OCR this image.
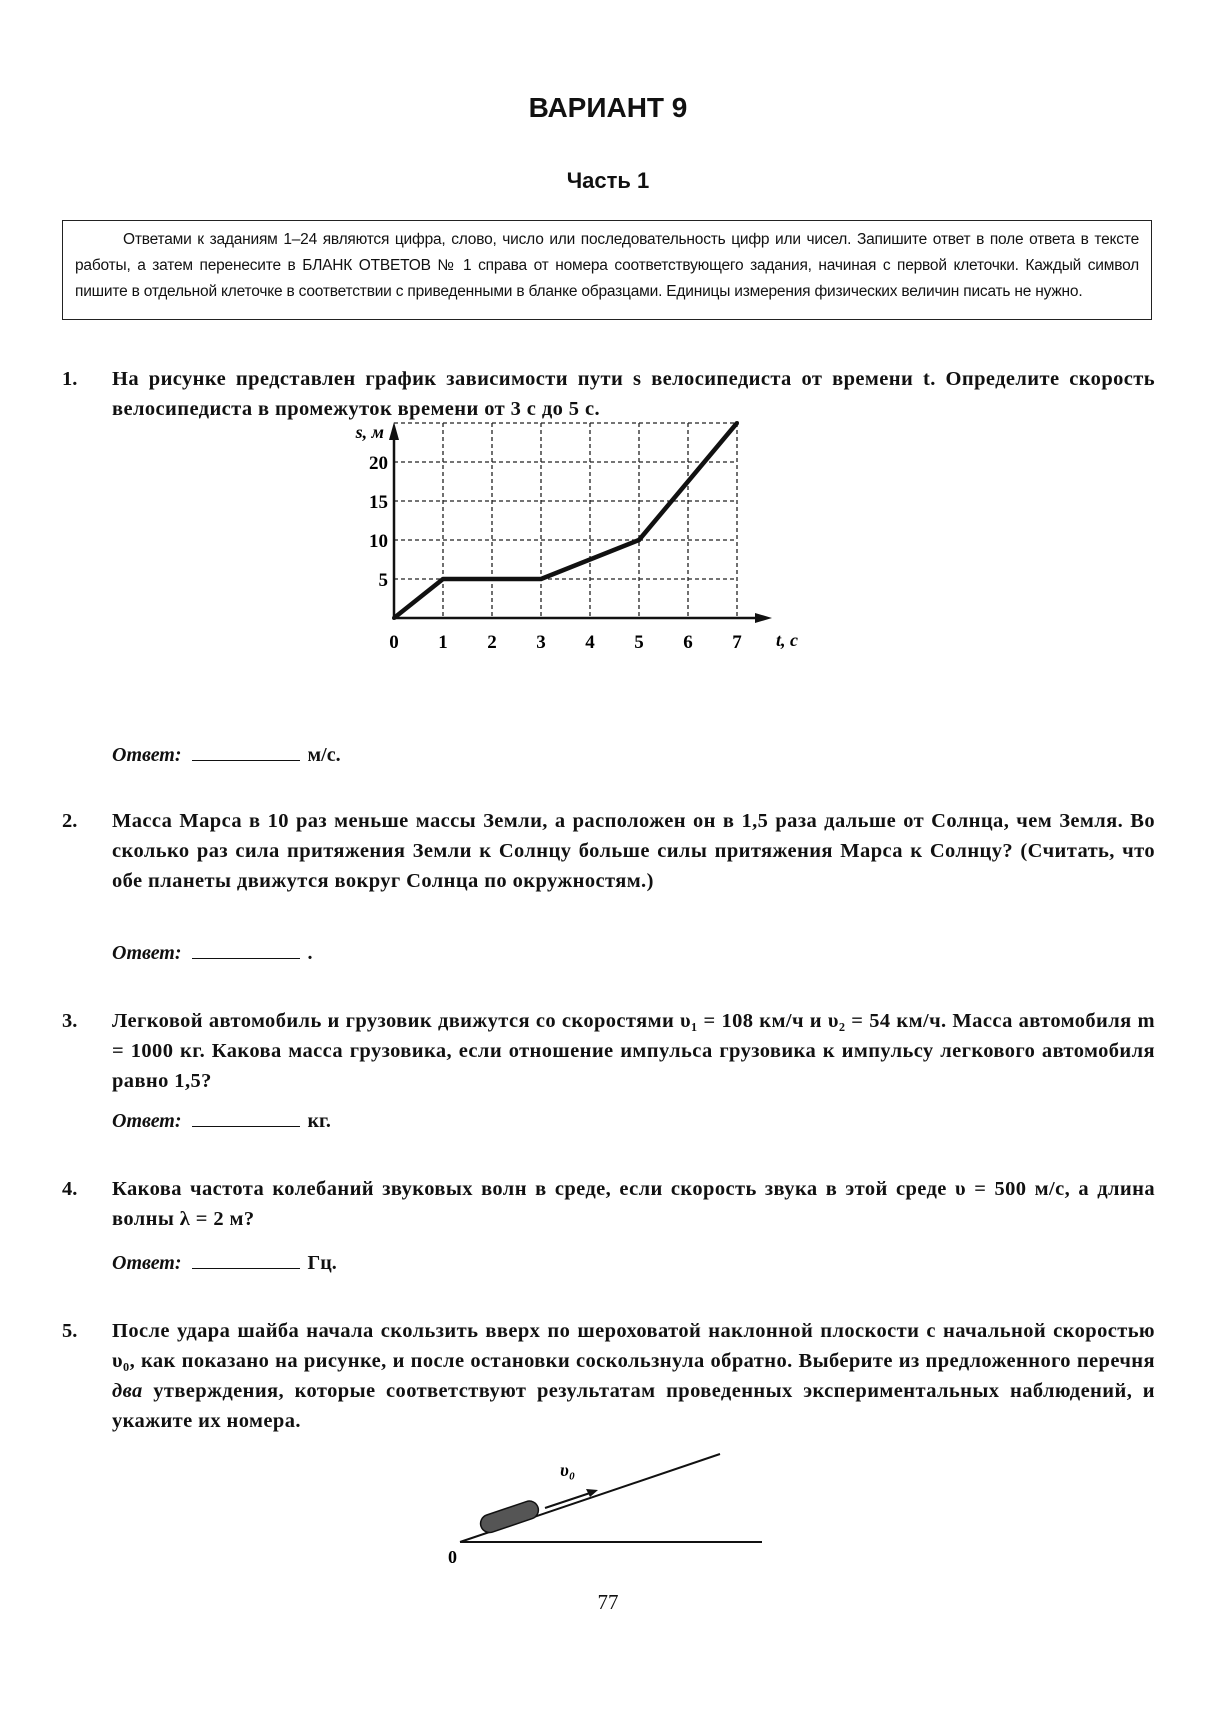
ВАРИАНТ 9
Часть 1

Ответами к заданиям 1–24 являются цифра, слово, число или последовательность цифр или чисел. Запишите ответ в поле ответа в тексте работы, а затем перенесите в БЛАНК ОТВЕТОВ № 1 справа от номера соответствующего задания, начиная с первой клеточки. Каждый символ пишите в отдельной клеточке в соответствии с приведенными в бланке образцами. Единицы измерения физических величин писать не нужно.

1. На рисунке представлен график зависимости пути s велосипедиста от времени t. Определите скорость велосипедиста в промежуток времени от 3 с до 5 с.
5
10
15
20
0 1 2 3 4 5 6 7
s, м
t, с
Ответ:	м/с.
2. Масса Марса в 10 раз меньше массы Земли, а расположен он в 1,5 раза дальше от Солнца, чем Земля. Во сколько раз сила притяжения Земли к Солнцу больше силы притяжения Марса к Солнцу? (Считать, что обе планеты движутся вокруг Солнца по окружностям.)
Ответ:	.
3. Легковой автомобиль и грузовик движутся со скоростями υ₁ = 108 км/ч и υ₂ = 54 км/ч. Масса автомобиля m = 1000 кг. Какова масса грузовика, если отношение импульса грузовика к импульсу легкового автомобиля равно 1,5?
Ответ:	кг.
4. Какова частота колебаний звуковых волн в среде, если скорость звука в этой среде υ = 500 м/с, а длина волны λ = 2 м?
Ответ:	Гц.
5. После удара шайба начала скользить вверх по шероховатой наклонной плоскости с начальной скоростью υ₀, как показано на рисунке, и после остановки соскользнула обратно. Выберите из предложенного перечня два утверждения, которые соответствуют результатам проведенных экспериментальных наблюдений, и укажите их номера.
υ₀
0
77
